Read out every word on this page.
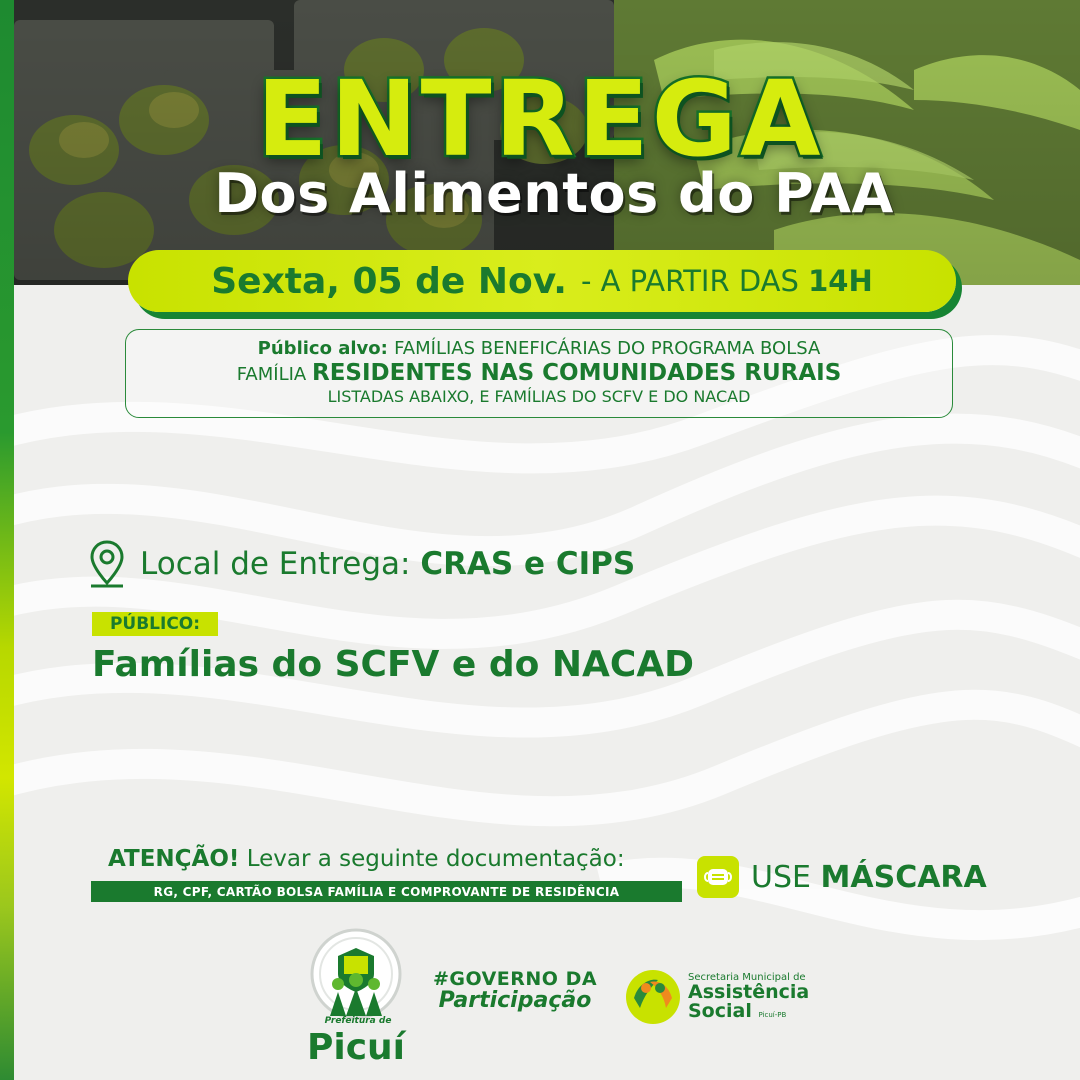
ENTREGA
Dos Alimentos do PAA
Sexta, 05 de Nov. - A PARTIR DAS 14H
Público alvo: FAMÍLIAS BENEFICÁRIAS DO PROGRAMA BOLSA
FAMÍLIA RESIDENTES NAS COMUNIDADES RURAIS
LISTADAS ABAIXO, E FAMÍLIAS DO SCFV E DO NACAD
Local de Entrega: CRAS e CIPS
PÚBLICO:
Famílias do SCFV e do NACAD
ATENÇÃO! Levar a seguinte documentação:
RG, CPF, CARTÃO BOLSA FAMÍLIA E COMPROVANTE DE RESIDÊNCIA	USE MÁSCARA
Prefeitura de
Picuí
#GOVERNO DA
Participação
Secretaria Municipal de
Assistência
Social Picuí-PB
